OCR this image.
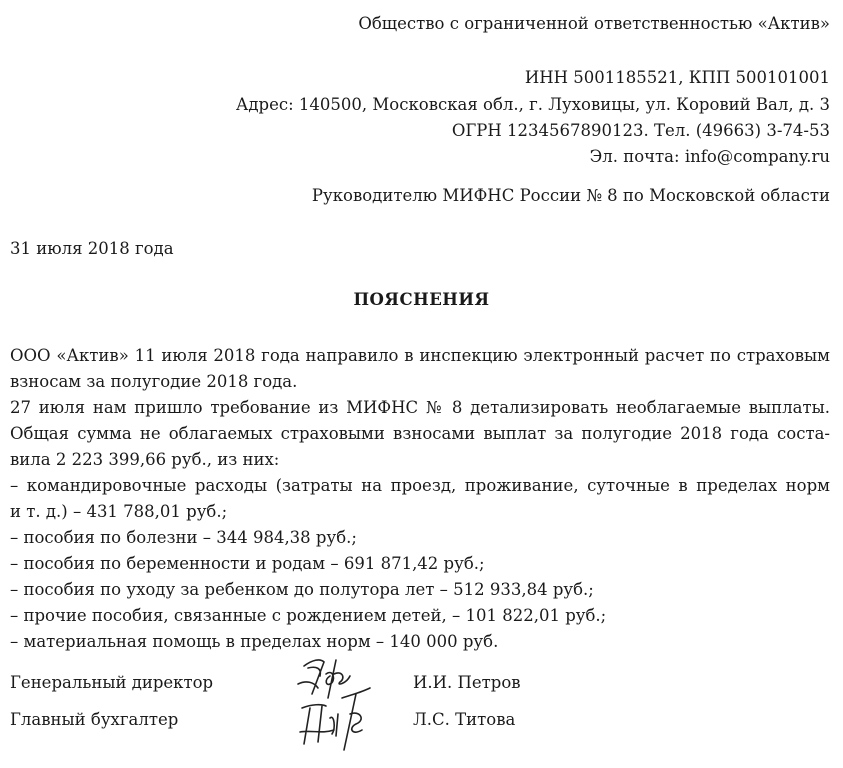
Общество с ограниченной ответственностью «Актив»
ИНН 5001185521, КПП 500101001
Адрес: 140500, Московская обл., г. Луховицы, ул. Коровий Вал, д. 3
ОГРН 1234567890123. Тел. (49663) 3-74-53
Эл. почта: info@company.ru
Руководителю МИФНС России № 8 по Московской области
31 июля 2018 года
ПОЯСНЕНИЯ
ООО «Актив» 11 июля 2018 года направило в инспекцию электронный расчет по страховым
взносам за полугодие 2018 года.
27 июля нам пришло требование из МИФНС № 8 детализировать необлагаемые выплаты.
Общая сумма не облагаемых страховыми взносами выплат за полугодие 2018 года соста-
вила 2 223 399,66 руб., из них:
– командировочные расходы (затраты на проезд, проживание, суточные в пределах норм
и т. д.) – 431 788,01 руб.;
– пособия по болезни – 344 984,38 руб.;
– пособия по беременности и родам – 691 871,42 руб.;
– пособия по уходу за ребенком до полутора лет – 512 933,84 руб.;
– прочие пособия, связанные с рождением детей, – 101 822,01 руб.;
– материальная помощь в пределах норм – 140 000 руб.
Генеральный директор	И.И. Петров
Главный бухгалтер	Л.С. Титова
